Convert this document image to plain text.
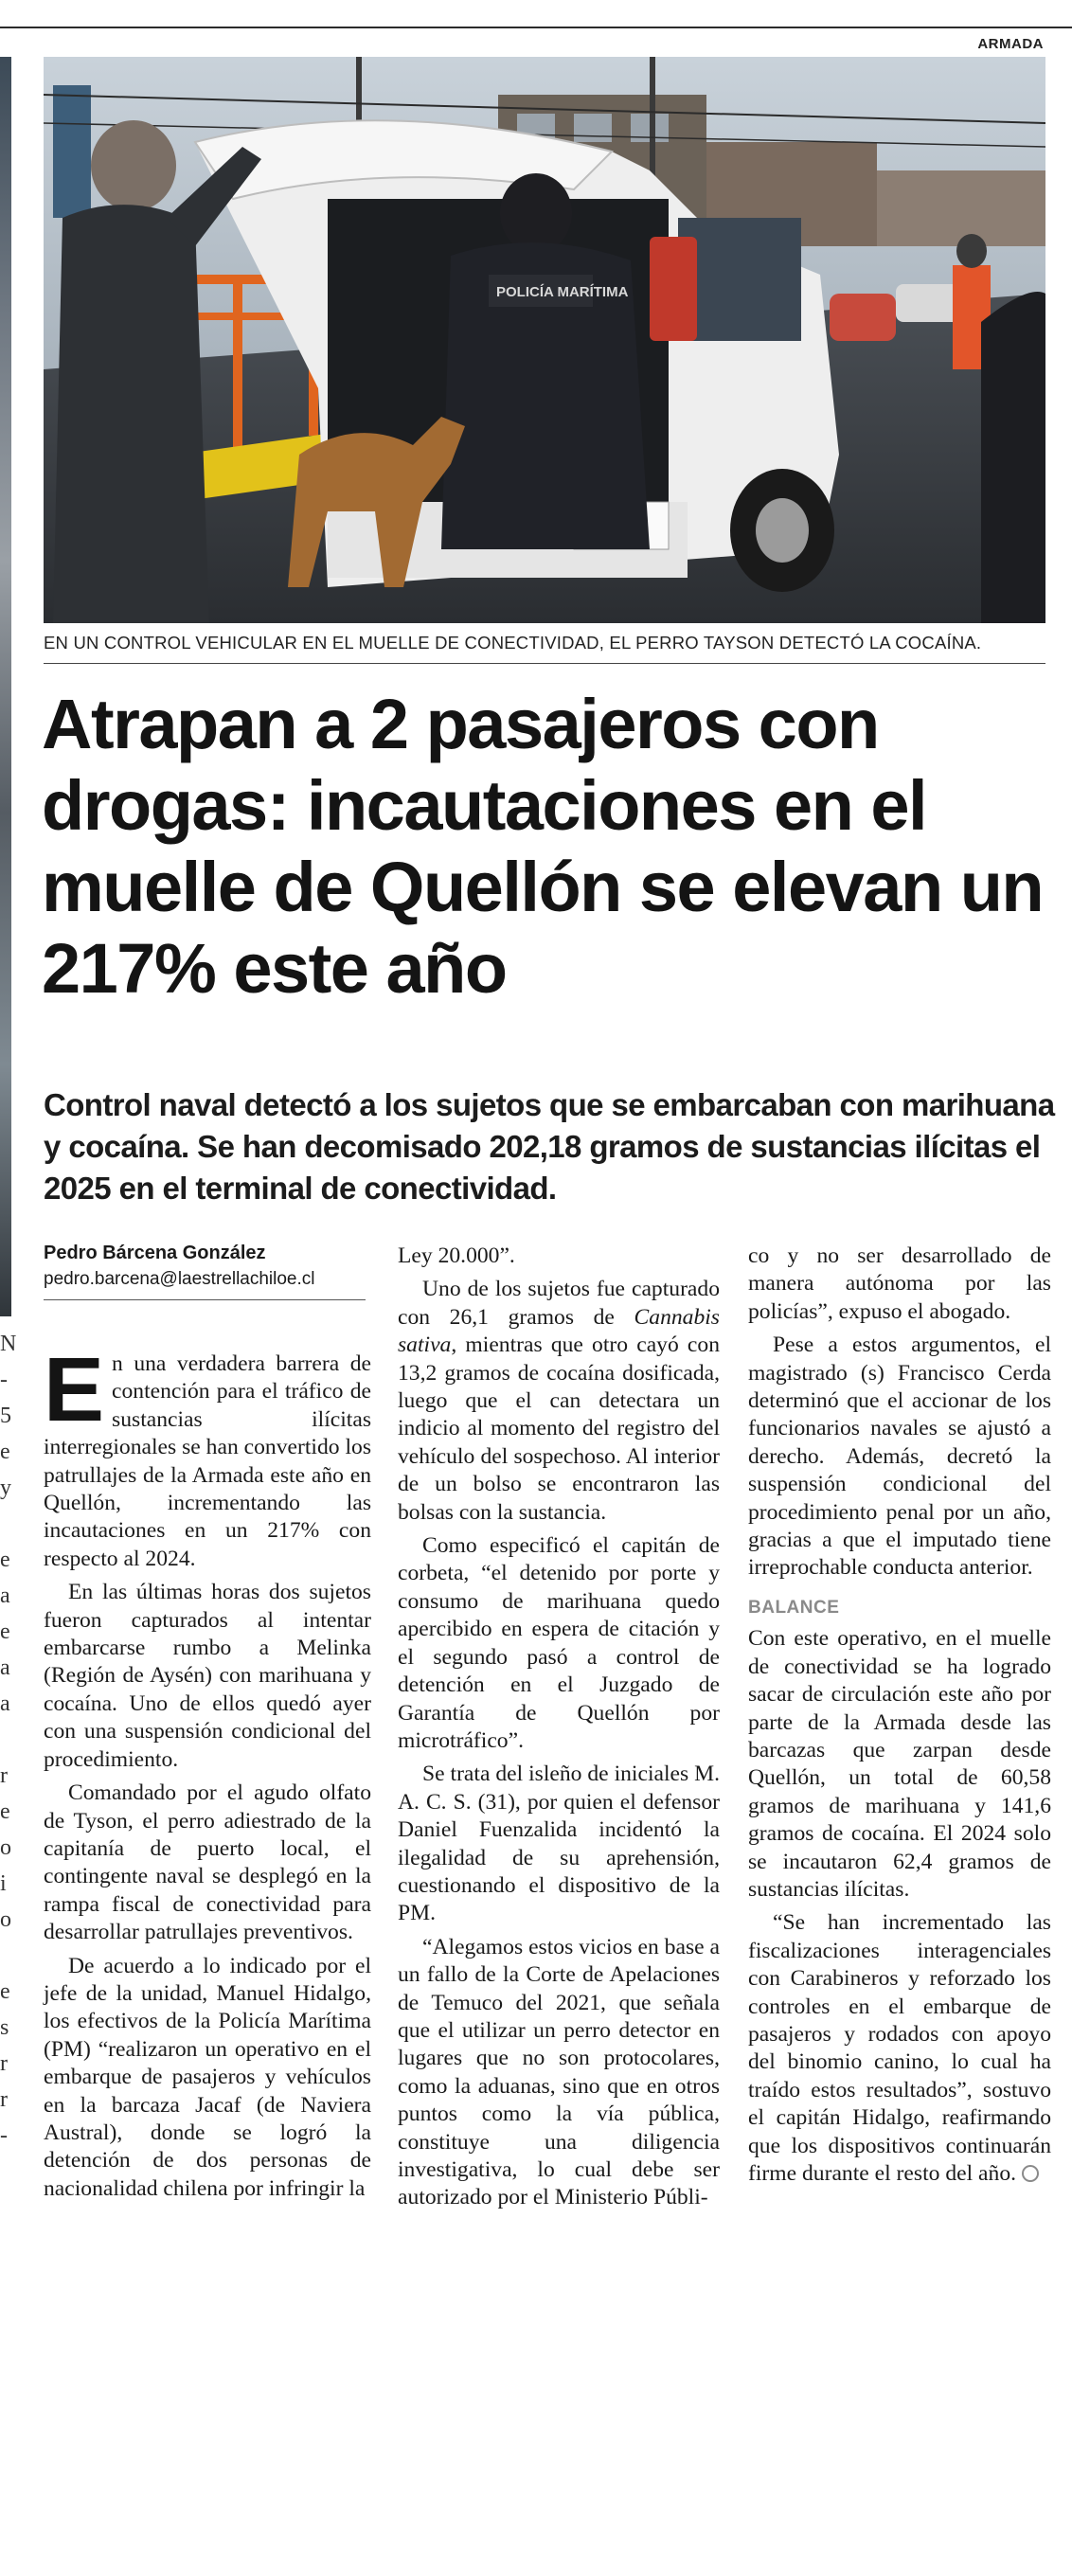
ARMADA
N
-
5
e
y
e
a
e
a
a
r
e
o
i
o
e
s
r
r
-
POLICÍA MARÍTIMA
EN UN CONTROL VEHICULAR EN EL MUELLE DE CONECTIVIDAD, EL PERRO TAYSON DETECTÓ LA COCAÍNA.
Atrapan a 2 pasajeros con drogas: incautaciones en el muelle de Quellón se elevan un 217% este año
Control naval detectó a los sujetos que se embarcaban con marihuana y cocaína. Se han decomisado 202,18 gramos de sustancias ilícitas el 2025 en el terminal de conectividad.
Pedro Bárcena González
pedro.barcena@laestrellachiloe.cl

En una verdadera barrera de contención para el tráfico de sustancias ilícitas interregionales se han convertido los patrullajes de la Armada este año en Quellón, incrementando las incautaciones en un 217% con respecto al 2024.

En las últimas horas dos sujetos fueron capturados al intentar embarcarse rumbo a Melinka (Región de Aysén) con marihuana y cocaína. Uno de ellos quedó ayer con una suspensión condicional del procedimiento.

Comandado por el agudo olfato de Tyson, el perro adiestrado de la capitanía de puerto local, el contingente naval se desplegó en la rampa fiscal de conectividad para desarrollar patrullajes preventivos.

De acuerdo a lo indicado por el jefe de la unidad, Manuel Hidalgo, los efectivos de la Policía Marítima (PM) “realizaron un operativo en el embarque de pasajeros y vehículos en la barcaza Jacaf (de Naviera Austral), donde se logró la detención de dos personas de nacionalidad chilena por infringir la

Ley 20.000”.

Uno de los sujetos fue capturado con 26,1 gramos de Cannabis sativa, mientras que otro cayó con 13,2 gramos de cocaína dosificada, luego que el can detectara un indicio al momento del registro del vehículo del sospechoso. Al interior de un bolso se encontraron las bolsas con la sustancia.

Como especificó el capitán de corbeta, “el detenido por porte y consumo de marihuana quedo apercibido en espera de citación y el segundo pasó a control de detención en el Juzgado de Garantía de Quellón por microtráfico”.

Se trata del isleño de iniciales M. A. C. S. (31), por quien el defensor Daniel Fuenzalida incidentó la ilegalidad de su aprehensión, cuestionando el dispositivo de la PM.

“Alegamos estos vicios en base a un fallo de la Corte de Apelaciones de Temuco del 2021, que señala que el utilizar un perro detector en lugares que no son protocolares, como la aduanas, sino que en otros puntos como la vía pública, constituye una diligencia investigativa, lo cual debe ser autorizado por el Ministerio Públi-

co y no ser desarrollado de manera autónoma por las policías”, expuso el abogado.

Pese a estos argumentos, el magistrado (s) Francisco Cerda determinó que el accionar de los funcionarios navales se ajustó a derecho. Además, decretó la suspensión condicional del procedimiento penal por un año, gracias a que el imputado tiene irreprochable conducta anterior.

BALANCE

Con este operativo, en el muelle de conectividad se ha logrado sacar de circulación este año por parte de la Armada desde las barcazas que zarpan desde Quellón, un total de 60,58 gramos de marihuana y 141,6 gramos de cocaína. El 2024 solo se incautaron 62,4 gramos de sustancias ilícitas.

“Se han incrementado las fiscalizaciones interagenciales con Carabineros y reforzado los controles en el embarque de pasajeros y rodados con apoyo del binomio canino, lo cual ha traído estos resultados”, sostuvo el capitán Hidalgo, reafirmando que los dispositivos continuarán firme durante el resto del año.
